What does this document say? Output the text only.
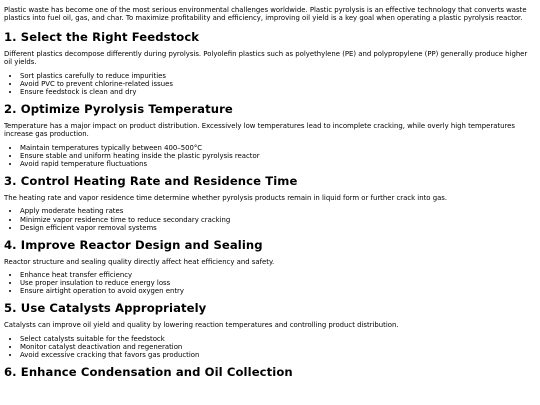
Plastic waste has become one of the most serious environmental challenges worldwide. Plastic pyrolysis is an effective technology that converts waste plastics into fuel oil, gas, and char. To maximize profitability and efficiency, improving oil yield is a key goal when operating a plastic pyrolysis reactor.

1. Select the Right Feedstock

Different plastics decompose differently during pyrolysis. Polyolefin plastics such as polyethylene (PE) and polypropylene (PP) generally produce higher oil yields.

• Sort plastics carefully to reduce impurities
• Avoid PVC to prevent chlorine-related issues
• Ensure feedstock is clean and dry
2. Optimize Pyrolysis Temperature

Temperature has a major impact on product distribution. Excessively low temperatures lead to incomplete cracking, while overly high temperatures increase gas production.

• Maintain temperatures typically between 400–500°C
• Ensure stable and uniform heating inside the plastic pyrolysis reactor
• Avoid rapid temperature fluctuations
3. Control Heating Rate and Residence Time

The heating rate and vapor residence time determine whether pyrolysis products remain in liquid form or further crack into gas.

• Apply moderate heating rates
• Minimize vapor residence time to reduce secondary cracking
• Design efficient vapor removal systems
4. Improve Reactor Design and Sealing

Reactor structure and sealing quality directly affect heat efficiency and safety.

• Enhance heat transfer efficiency
• Use proper insulation to reduce energy loss
• Ensure airtight operation to avoid oxygen entry
5. Use Catalysts Appropriately

Catalysts can improve oil yield and quality by lowering reaction temperatures and controlling product distribution.

• Select catalysts suitable for the feedstock
• Monitor catalyst deactivation and regeneration
• Avoid excessive cracking that favors gas production
6. Enhance Condensation and Oil Collection
